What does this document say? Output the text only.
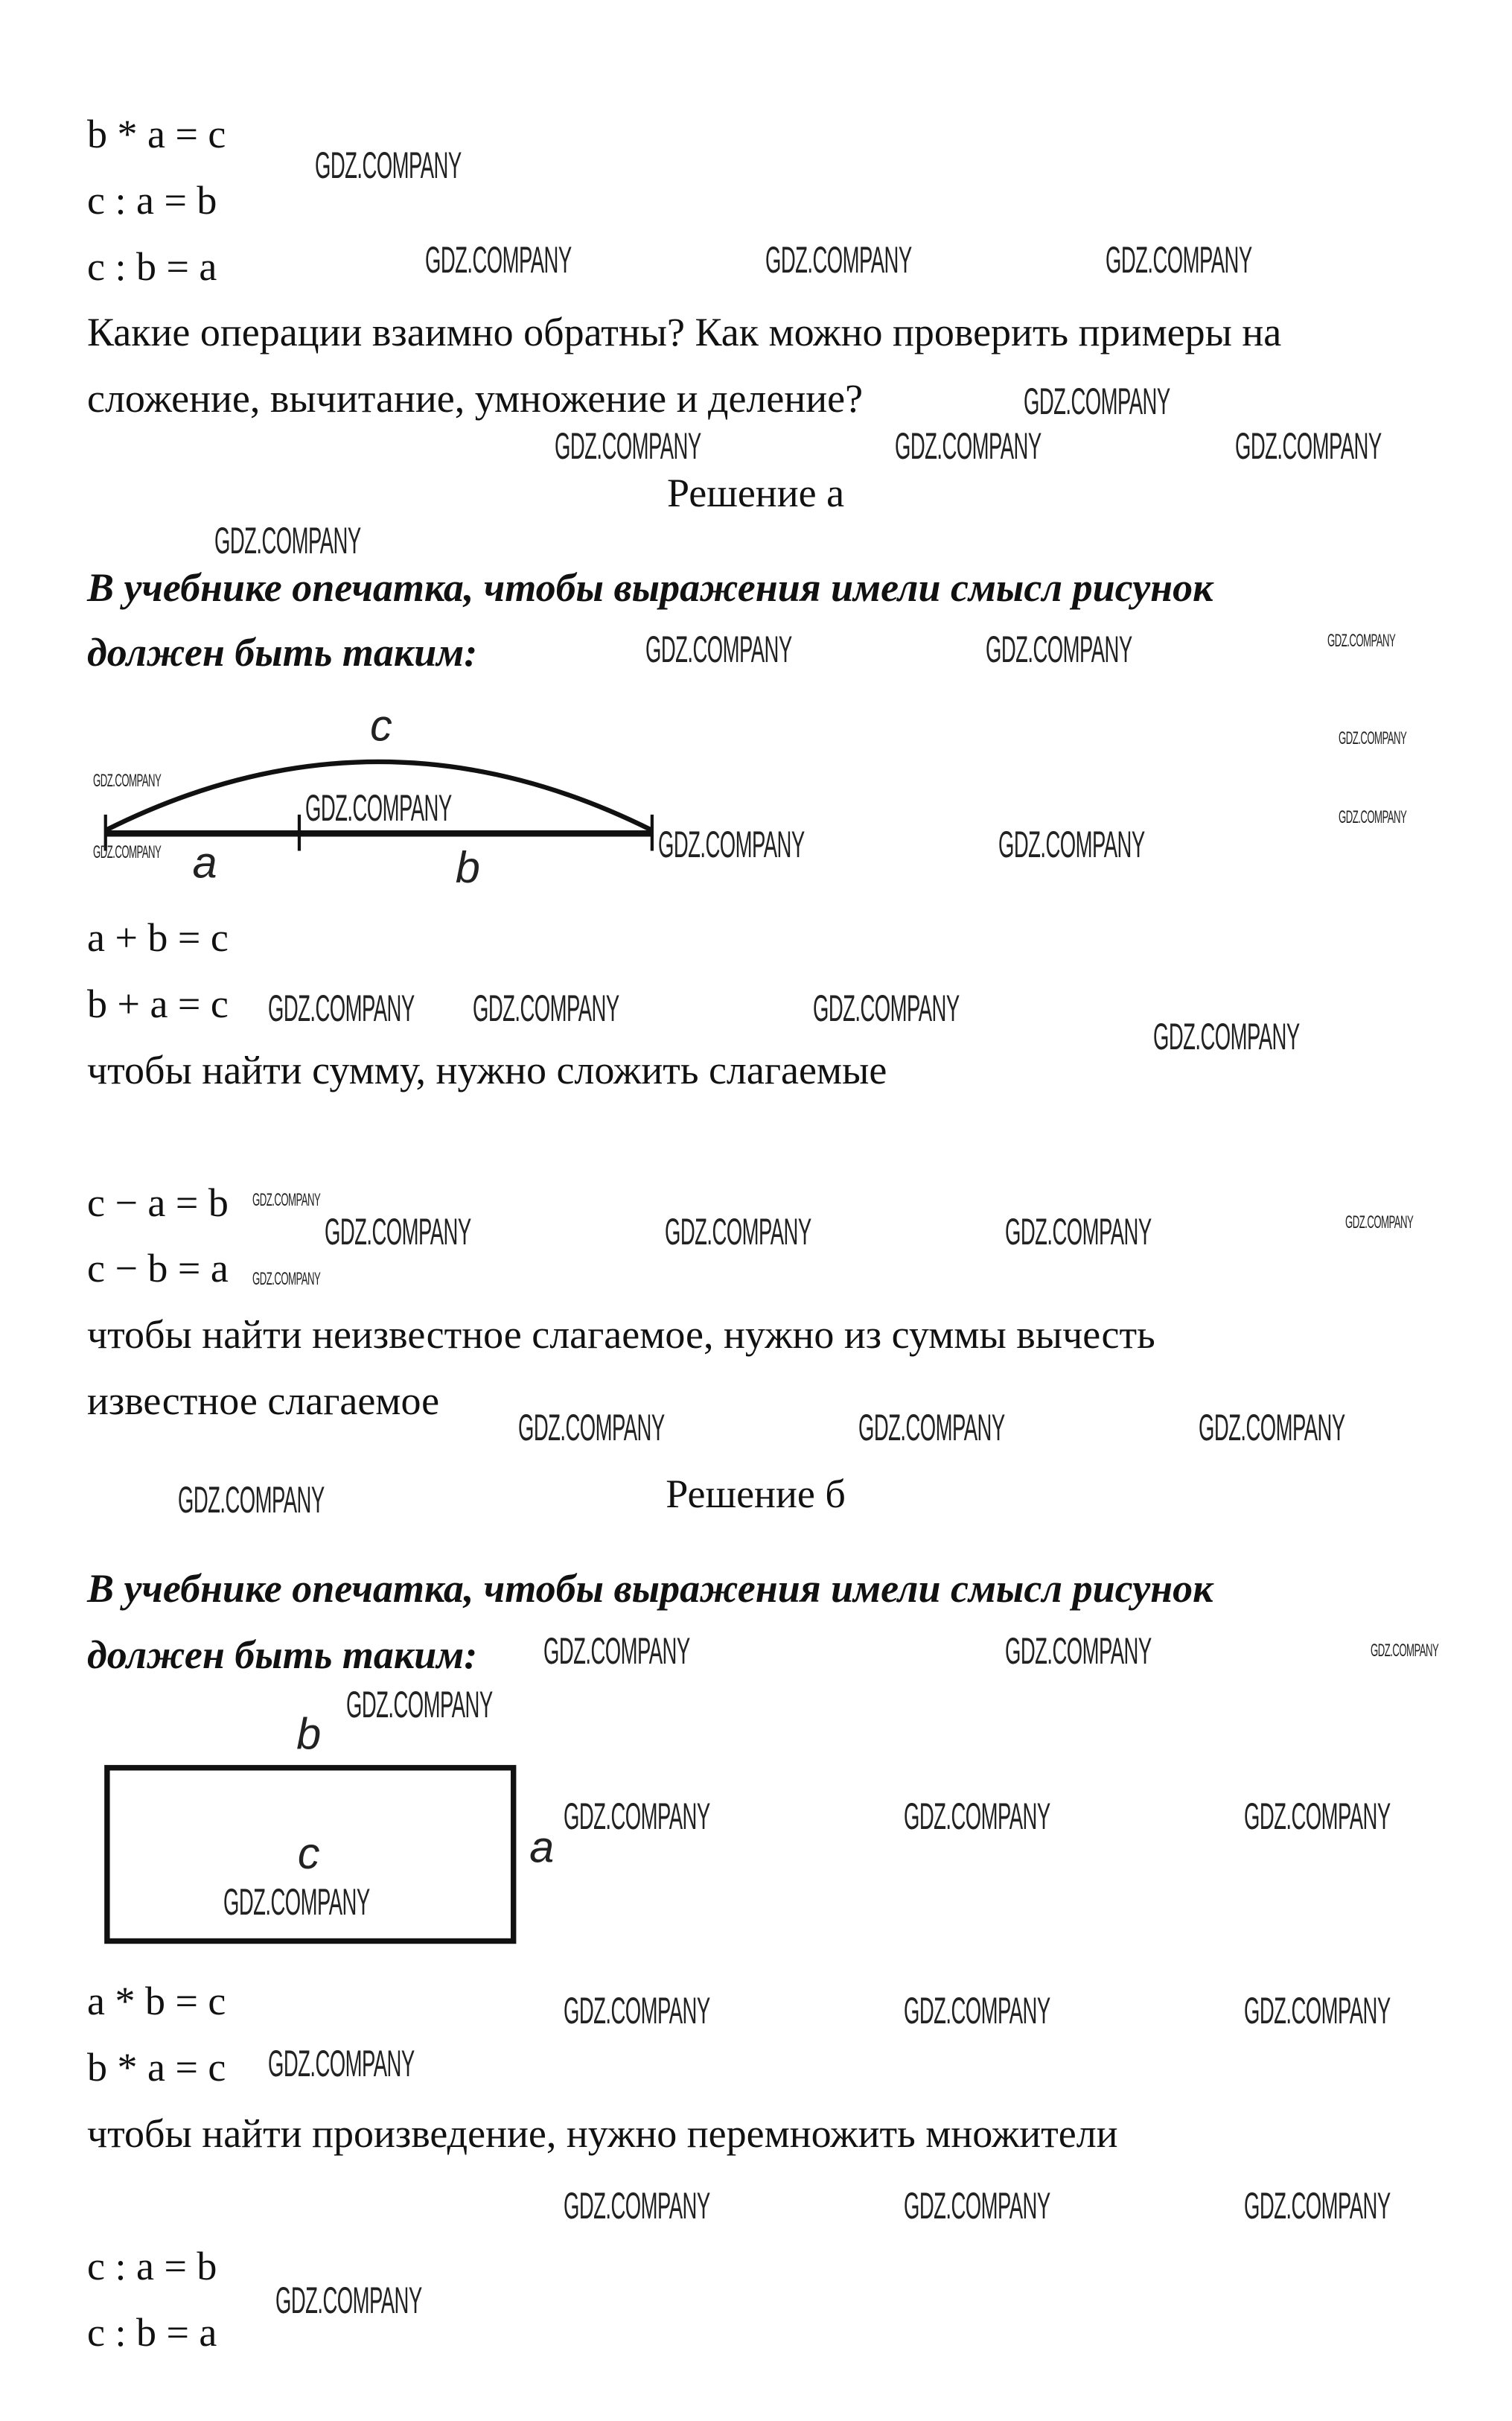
b * a = c
c : a = b
c : b = a
Какие операции взаимно обратны? Как можно проверить примеры на
сложение, вычитание, умножение и деление?
Решение а
В учебнике опечатка, чтобы выражения имели смысл рисунок
должен быть таким:
a + b = c
b + a = c
чтобы найти сумму, нужно сложить слагаемые
c − a = b
c − b = a
чтобы найти неизвестное слагаемое, нужно из суммы вычесть
известное слагаемое
Решение б
В учебнике опечатка, чтобы выражения имели смысл рисунок
должен быть таким:
a * b = c
b * a = c
чтобы найти произведение, нужно перемножить множители
c : a = b
c : b = a
c
a	b
b
c	a
GDZ.COMPANY
GDZ.COMPANY	GDZ.COMPANY	GDZ.COMPANY
GDZ.COMPANY
GDZ.COMPANY	GDZ.COMPANY	GDZ.COMPANY
GDZ.COMPANY
GDZ.COMPANY	GDZ.COMPANY
GDZ.COMPANY
GDZ.COMPANY	GDZ.COMPANY
GDZ.COMPANY GDZ.COMPANY	GDZ.COMPANY
GDZ.COMPANY
GDZ.COMPANY	GDZ.COMPANY	GDZ.COMPANY
GDZ.COMPANY	GDZ.COMPANY	GDZ.COMPANY
GDZ.COMPANY
GDZ.COMPANY	GDZ.COMPANY
GDZ.COMPANY
GDZ.COMPANY	GDZ.COMPANY	GDZ.COMPANY
GDZ.COMPANY
GDZ.COMPANY	GDZ.COMPANY	GDZ.COMPANY
GDZ.COMPANY
GDZ.COMPANY	GDZ.COMPANY	GDZ.COMPANY
GDZ.COMPANY
GDZ.COMPANY
GDZ.COMPANY
GDZ.COMPANY
GDZ.COMPANY
GDZ.COMPANY
GDZ.COMPANY
GDZ.COMPANY
GDZ.COMPANY
GDZ.COMPANY
